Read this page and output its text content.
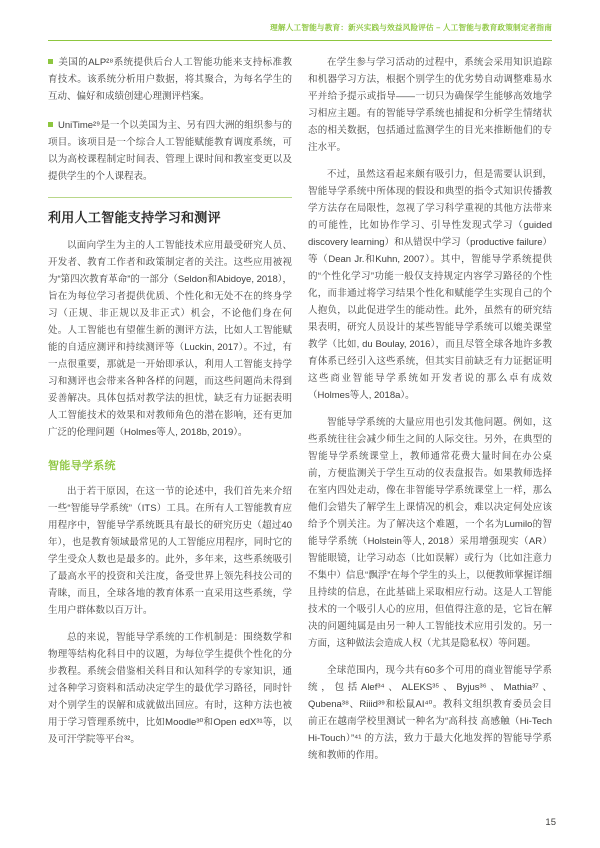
理解人工智能与教育：新兴实践与效益风险评估 – 人工智能与教育政策制定者指南

美国的ALP²⁸系统提供后台人工智能功能来支持标准教育技术。该系统分析用户数据，将其聚合，为每名学生的互动、偏好和成绩创建心理测评档案。

UniTime²⁹是一个以美国为主、另有四大洲的组织参与的项目。该项目是一个综合人工智能赋能教育调度系统，可以为高校课程制定时间表、管理上课时间和教室变更以及提供学生的个人课程表。

利用人工智能支持学习和测评

以面向学生为主的人工智能技术应用最受研究人员、开发者、教育工作者和政策制定者的关注。这些应用被视为“第四次教育革命”的一部分（Seldon和Abidoye, 2018），旨在为每位学习者提供优质、个性化和无处不在的终身学习（正规、非正规以及非正式）机会，不论他们身在何处。人工智能也有望催生新的测评方法，比如人工智能赋能的自适应测评和持续测评等（Luckin, 2017）。不过，有一点很重要，那就是一开始即承认，利用人工智能支持学习和测评也会带来各种各样的问题，而这些问题尚未得到妥善解决。具体包括对教学法的担忧，缺乏有力证据表明人工智能技术的效果和对教师角色的潜在影响，还有更加广泛的伦理问题（Holmes等人, 2018b, 2019）。

智能导学系统

出于若干原因，在这一节的论述中，我们首先来介绍一些“智能导学系统”（ITS）工具。在所有人工智能教育应用程序中，智能导学系统既具有最长的研究历史（超过40年），也是教育领域最常见的人工智能应用程序，同时它的学生受众人数也是最多的。此外，多年来，这些系统吸引了最高水平的投资和关注度，备受世界上领先科技公司的青睐，而且，全球各地的教育体系一直采用这些系统，学生用户群体数以百万计。

总的来说，智能导学系统的工作机制是：围绕数学和物理等结构化科目中的议题，为每位学生提供个性化的分步教程。系统会借鉴相关科目和认知科学的专家知识，通过各种学习资料和活动决定学生的最优学习路径，同时针对个别学生的误解和成就做出回应。有时，这种方法也被用于学习管理系统中，比如Moodle³⁰和Open edX³¹等，以及可汗学院等平台³²。

在学生参与学习活动的过程中，系统会采用知识追踪和机器学习方法，根据个别学生的优劣势自动调整难易水平并给予提示或指导——一切只为确保学生能够高效地学习相应主题。有的智能导学系统也捕捉和分析学生情绪状态的相关数据，包括通过监测学生的目光来推断他们的专注水平。

不过，虽然这看起来颇有吸引力，但是需要认识到，智能导学系统中所体现的假设和典型的指令式知识传播教学方法存在局限性，忽视了学习科学重视的其他方法带来的可能性，比如协作学习、引导性发现式学习（guided discovery learning）和从错误中学习（productive failure）等（Dean Jr.和Kuhn, 2007）。其中，智能导学系统提供的“个性化学习”功能一般仅支持规定内容学习路径的个性化，而非通过将学习结果个性化和赋能学生实现自己的个人抱负，以此促进学生的能动性。此外，虽然有的研究结果表明，研究人员设计的某些智能导学系统可以媲美课堂教学（比如, du Boulay, 2016），而且尽管全球各地许多教育体系已经引入这些系统，但其实目前缺乏有力证据证明这些商业智能导学系统如开发者说的那么卓有成效（Holmes等人, 2018a）。

智能导学系统的大量应用也引发其他问题。例如，这些系统往往会减少师生之间的人际交往。另外，在典型的智能导学系统课堂上，教师通常花费大量时间在办公桌前，方便监测关于学生互动的仪表盘报告。如果教师选择在室内四处走动，像在非智能导学系统课堂上一样，那么他们会错失了解学生上课情况的机会，难以决定何处应该给予个别关注。为了解决这个难题，一个名为Lumilo的智能导学系统（Holstein等人, 2018）采用增强现实（AR）智能眼镜，让学习动态（比如误解）或行为（比如注意力不集中）信息“飘浮”在每个学生的头上，以便教师掌握详细且持续的信息，在此基础上采取相应行动。这是人工智能技术的一个吸引人心的应用，但值得注意的是，它旨在解决的问题纯属是由另一种人工智能技术应用引发的。另一方面，这种做法会造成人权（尤其是隐私权）等问题。

全球范围内，现今共有60多个可用的商业智能导学系统，包括Alef³⁴、ALEKS³⁵、Byjus³⁶、Mathia³⁷、Qubena³⁸、Riiid³⁹和松鼠AI⁴⁰。教科文组织教育委员会目前正在越南学校里测试一种名为“高科技 高感触（Hi-Tech Hi-Touch）”⁴¹ 的方法，致力于最大化地发挥的智能导学系统和教师的作用。

15
